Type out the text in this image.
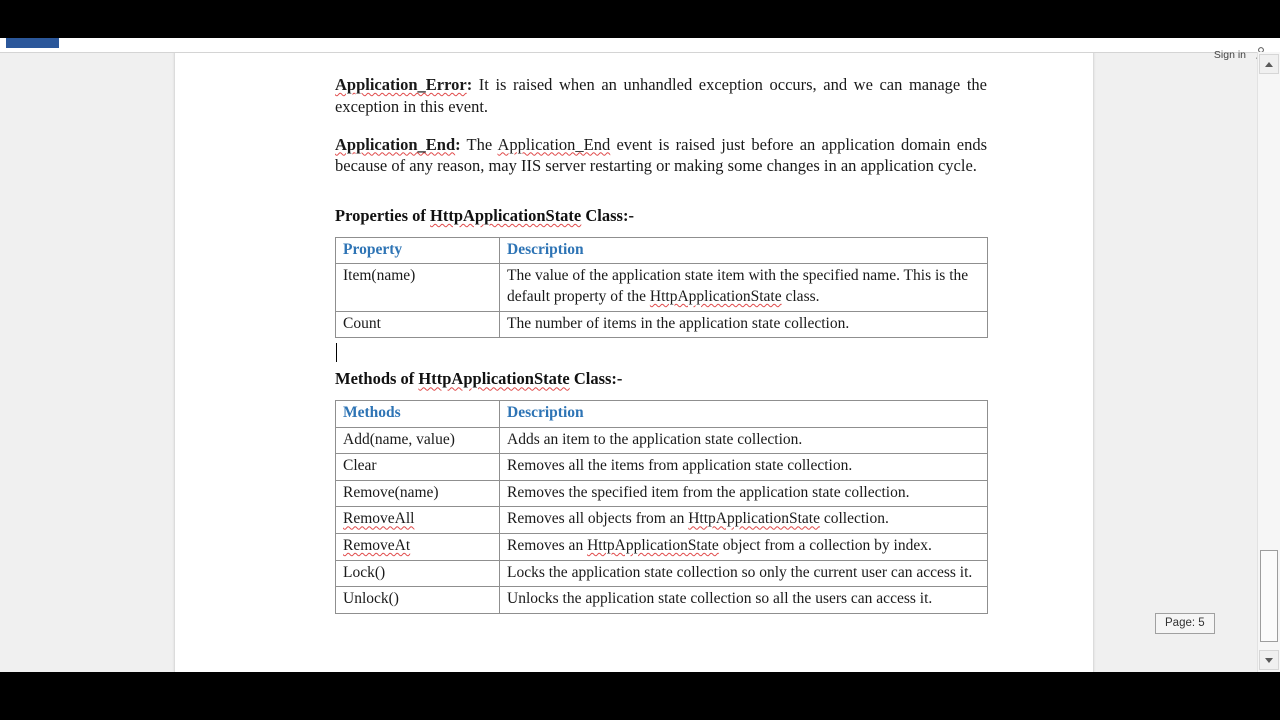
Sign in

Application_Error: It is raised when an unhandled exception occurs, and we can manage the exception in this event.

Application_End: The Application_End event is raised just before an application domain ends because of any reason, may IIS server restarting or making some changes in an application cycle.

Properties of HttpApplicationState Class:-
Property	Description
Item(name)	The value of the application state item with the specified name. This is the default property of the HttpApplicationState class.
Count	The number of items in the application state collection.
Methods of HttpApplicationState Class:-
Methods	Description
Add(name, value)	Adds an item to the application state collection.
Clear	Removes all the items from application state collection.
Remove(name)	Removes the specified item from the application state collection.
RemoveAll	Removes all objects from an HttpApplicationState collection.
RemoveAt	Removes an HttpApplicationState object from a collection by index.
Lock()	Locks the application state collection so only the current user can access it.
Unlock()	Unlocks the application state collection so all the users can access it.
Page: 5
